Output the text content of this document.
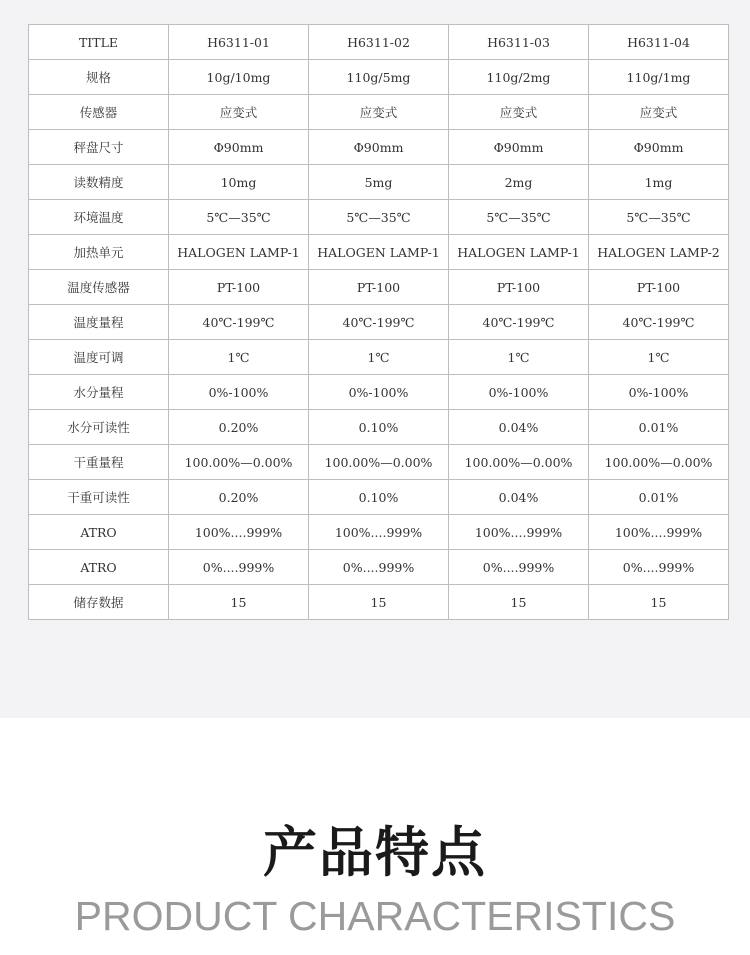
TITLE	H6311-01	H6311-02	H6311-03	H6311-04
规格	10g/10mg	110g/5mg	110g/2mg	110g/1mg
传感器	应变式	应变式	应变式	应变式
秤盘尺寸	Φ90mm	Φ90mm	Φ90mm	Φ90mm
读数精度	10mg	5mg	2mg	1mg
环境温度	5℃—35℃	5℃—35℃	5℃—35℃	5℃—35℃
加热单元	HALOGEN LAMP-1	HALOGEN LAMP-1	HALOGEN LAMP-1	HALOGEN LAMP-2
温度传感器	PT-100	PT-100	PT-100	PT-100
温度量程	40℃-199℃	40℃-199℃	40℃-199℃	40℃-199℃
温度可调	1℃	1℃	1℃	1℃
水分量程	0%-100%	0%-100%	0%-100%	0%-100%
水分可读性	0.20%	0.10%	0.04%	0.01%
干重量程	100.00%—0.00%	100.00%—0.00%	100.00%—0.00%	100.00%—0.00%
干重可读性	0.20%	0.10%	0.04%	0.01%
ATRO	100%....999%	100%....999%	100%....999%	100%....999%
ATRO	0%....999%	0%....999%	0%....999%	0%....999%
储存数据	15	15	15	15
产品特点
PRODUCT CHARACTERISTICS
